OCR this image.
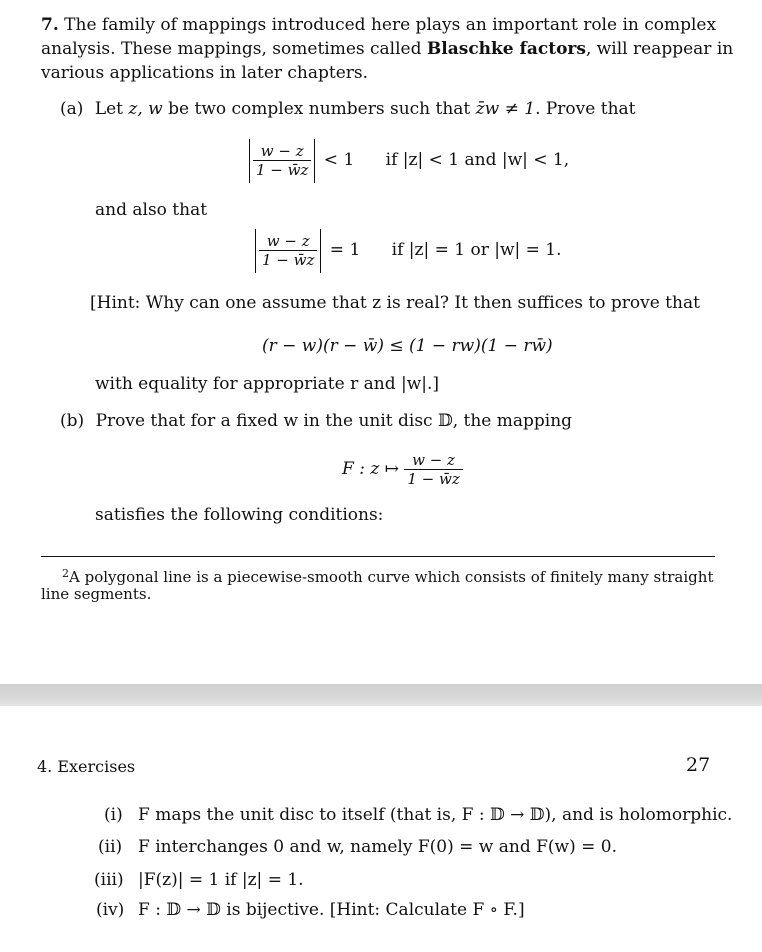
7. The family of mappings introduced here plays an important role in complex
analysis. These mappings, sometimes called Blaschke factors, will reappear in
various applications in later chapters.
(a) Let z, w be two complex numbers such that z̄w ≠ 1. Prove that
$\frac{w - z}{1 - w̄z} < 1$ if |z| < 1 and |w| < 1,
and also that
$\frac{w - z}{1 - w̄z} = 1$ if |z| = 1 or |w| = 1.
[Hint: Why can one assume that z is real? It then suffices to prove that
(r − w)(r − w̄) ≤ (1 − rw)(1 − rw̄)
with equality for appropriate r and |w|.]
(b) Prove that for a fixed w in the unit disc 𝔻, the mapping
F : z ↦ $\frac{w - z}{1 - w̄z}$
satisfies the following conditions:
$^2$A polygonal line is a piecewise-smooth curve which consists of finitely many straight
line segments.
4. Exercises	27
(i) F maps the unit disc to itself (that is, F : 𝔻 → 𝔻), and is holomorphic.
(ii) F interchanges 0 and w, namely F(0) = w and F(w) = 0.
(iii) |F(z)| = 1 if |z| = 1.
(iv) F : 𝔻 → 𝔻 is bijective. [Hint: Calculate F ∘ F.]
